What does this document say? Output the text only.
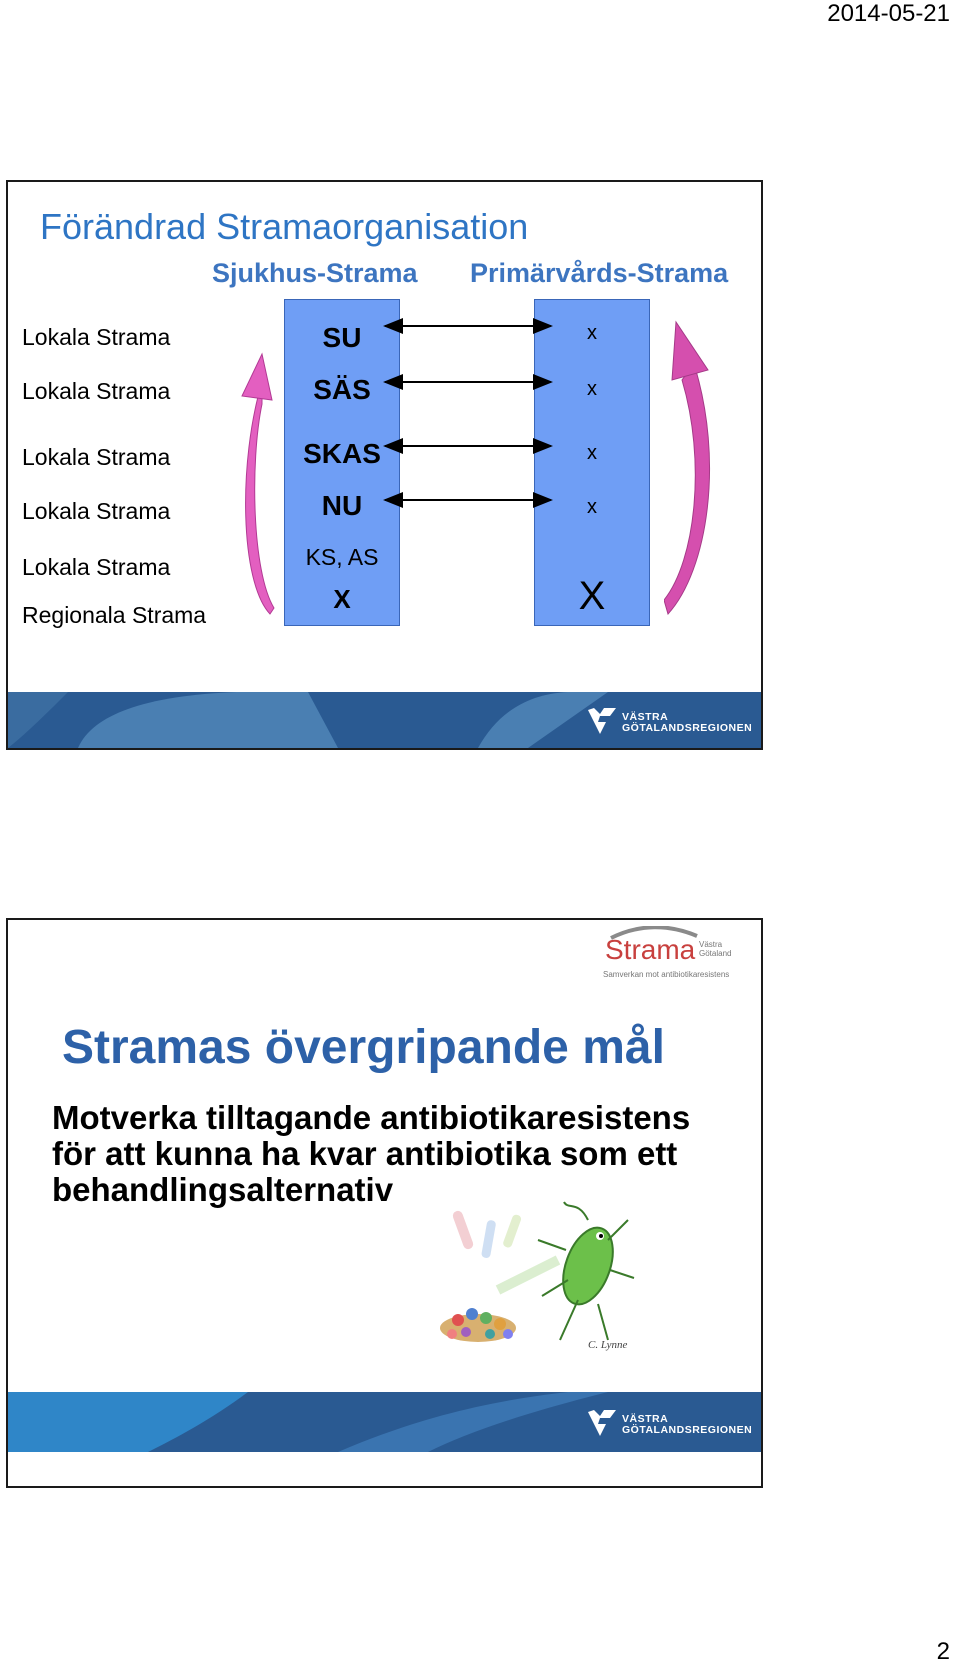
2014-05-21
Förändrad Stramaorganisation
Sjukhus-Strama Primärvårds-Strama
Lokala Strama
Lokala Strama
Lokala Strama
Lokala Strama
Lokala Strama
Regionala Strama
SU
SÄS
SKAS
NU
KS, AS
X
x
x
x
x
X
VÄSTRA
GÖTALANDSREGIONEN
Strama Västra
Götaland
Samverkan mot antibiotikaresistens
Stramas övergripande mål
Motverka tilltagande antibiotikaresistens
för att kunna ha kvar antibiotika som ett
behandlingsalternativ
C. Lynne
VÄSTRA
GÖTALANDSREGIONEN
2
